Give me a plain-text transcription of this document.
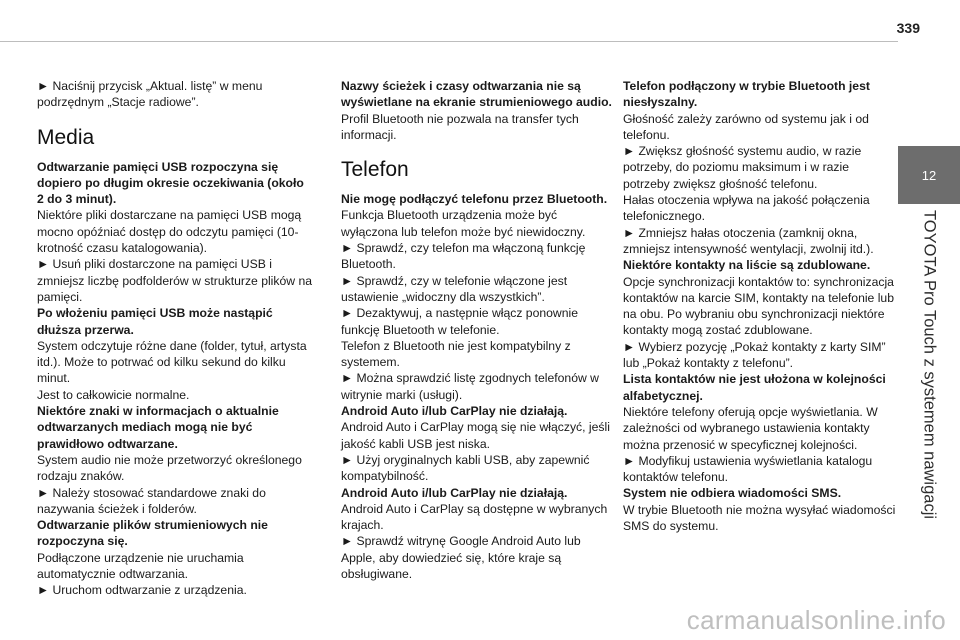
339
12
TOYOTA Pro Touch z systemem nawigacji

► Naciśnij przycisk „Aktual. listę” w menu podrzędnym „Stacje radiowe”.

Media

Odtwarzanie pamięci USB rozpoczyna się dopiero po długim okresie oczekiwania (około 2 do 3 minut).

Niektóre pliki dostarczane na pamięci USB mogą mocno opóźniać dostęp do odczytu pamięci (10-krotność czasu katalogowania).

► Usuń pliki dostarczone na pamięci USB i zmniejsz liczbę podfolderów w strukturze plików na pamięci.

Po włożeniu pamięci USB może nastąpić dłuższa przerwa.

System odczytuje różne dane (folder, tytuł, artysta itd.). Może to potrwać od kilku sekund do kilku minut.

Jest to całkowicie normalne.

Niektóre znaki w informacjach o aktualnie odtwarzanych mediach mogą nie być prawidłowo odtwarzane.

System audio nie może przetworzyć określonego rodzaju znaków.

► Należy stosować standardowe znaki do nazywania ścieżek i folderów.

Odtwarzanie plików strumieniowych nie rozpoczyna się.

Podłączone urządzenie nie uruchamia automatycznie odtwarzania.

► Uruchom odtwarzanie z urządzenia.

Nazwy ścieżek i czasy odtwarzania nie są wyświetlane na ekranie strumieniowego audio.

Profil Bluetooth nie pozwala na transfer tych informacji.

Telefon

Nie mogę podłączyć telefonu przez Bluetooth.

Funkcja Bluetooth urządzenia może być wyłączona lub telefon może być niewidoczny.

► Sprawdź, czy telefon ma włączoną funkcję Bluetooth.

► Sprawdź, czy w telefonie włączone jest ustawienie „widoczny dla wszystkich”.

► Dezaktywuj, a następnie włącz ponownie funkcję Bluetooth w telefonie.

Telefon z Bluetooth nie jest kompatybilny z systemem.

► Można sprawdzić listę zgodnych telefonów w witrynie marki (usługi).

Android Auto i/lub CarPlay nie działają.

Android Auto i CarPlay mogą się nie włączyć, jeśli jakość kabli USB jest niska.

► Użyj oryginalnych kabli USB, aby zapewnić kompatybilność.

Android Auto i/lub CarPlay nie działają.

Android Auto i CarPlay są dostępne w wybranych krajach.

► Sprawdź witrynę Google Android Auto lub Apple, aby dowiedzieć się, które kraje są obsługiwane.

Telefon podłączony w trybie Bluetooth jest niesłyszalny.

Głośność zależy zarówno od systemu jak i od telefonu.

► Zwiększ głośność systemu audio, w razie potrzeby, do poziomu maksimum i w razie potrzeby zwiększ głośność telefonu.

Hałas otoczenia wpływa na jakość połączenia telefonicznego.

► Zmniejsz hałas otoczenia (zamknij okna, zmniejsz intensywność wentylacji, zwolnij itd.).

Niektóre kontakty na liście są zdublowane.

Opcje synchronizacji kontaktów to: synchronizacja kontaktów na karcie SIM, kontakty na telefonie lub na obu. Po wybraniu obu synchronizacji niektóre kontakty mogą zostać zdublowane.

► Wybierz pozycję „Pokaż kontakty z karty SIM” lub „Pokaż kontakty z telefonu”.

Lista kontaktów nie jest ułożona w kolejności alfabetycznej.

Niektóre telefony oferują opcje wyświetlania. W zależności od wybranego ustawienia kontakty można przenosić w specyficznej kolejności.

► Modyfikuj ustawienia wyświetlania katalogu kontaktów telefonu.

System nie odbiera wiadomości SMS.

W trybie Bluetooth nie można wysyłać wiadomości SMS do systemu.

carmanualsonline.info
